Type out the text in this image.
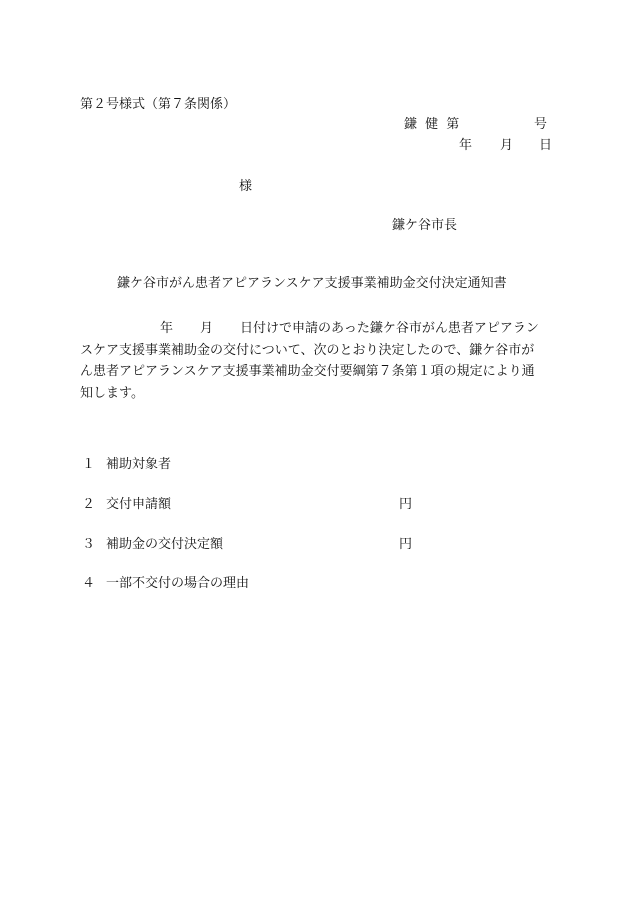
第２号様式（第７条関係）
鎌 健 第	号
年 月 日
様
鎌ケ谷市長
鎌ケ谷市がん患者アピアランスケア支援事業補助金交付決定通知書
年 月 日付けで申請のあった鎌ケ谷市がん患者アピアラン
スケア支援事業補助金の交付について、次のとおり決定したので、鎌ケ谷市が
ん患者アピアランスケア支援事業補助金交付要綱第７条第１項の規定により通
知します。
１ 補助対象者
２ 交付申請額	円
３ 補助金の交付決定額	円
４ 一部不交付の場合の理由
